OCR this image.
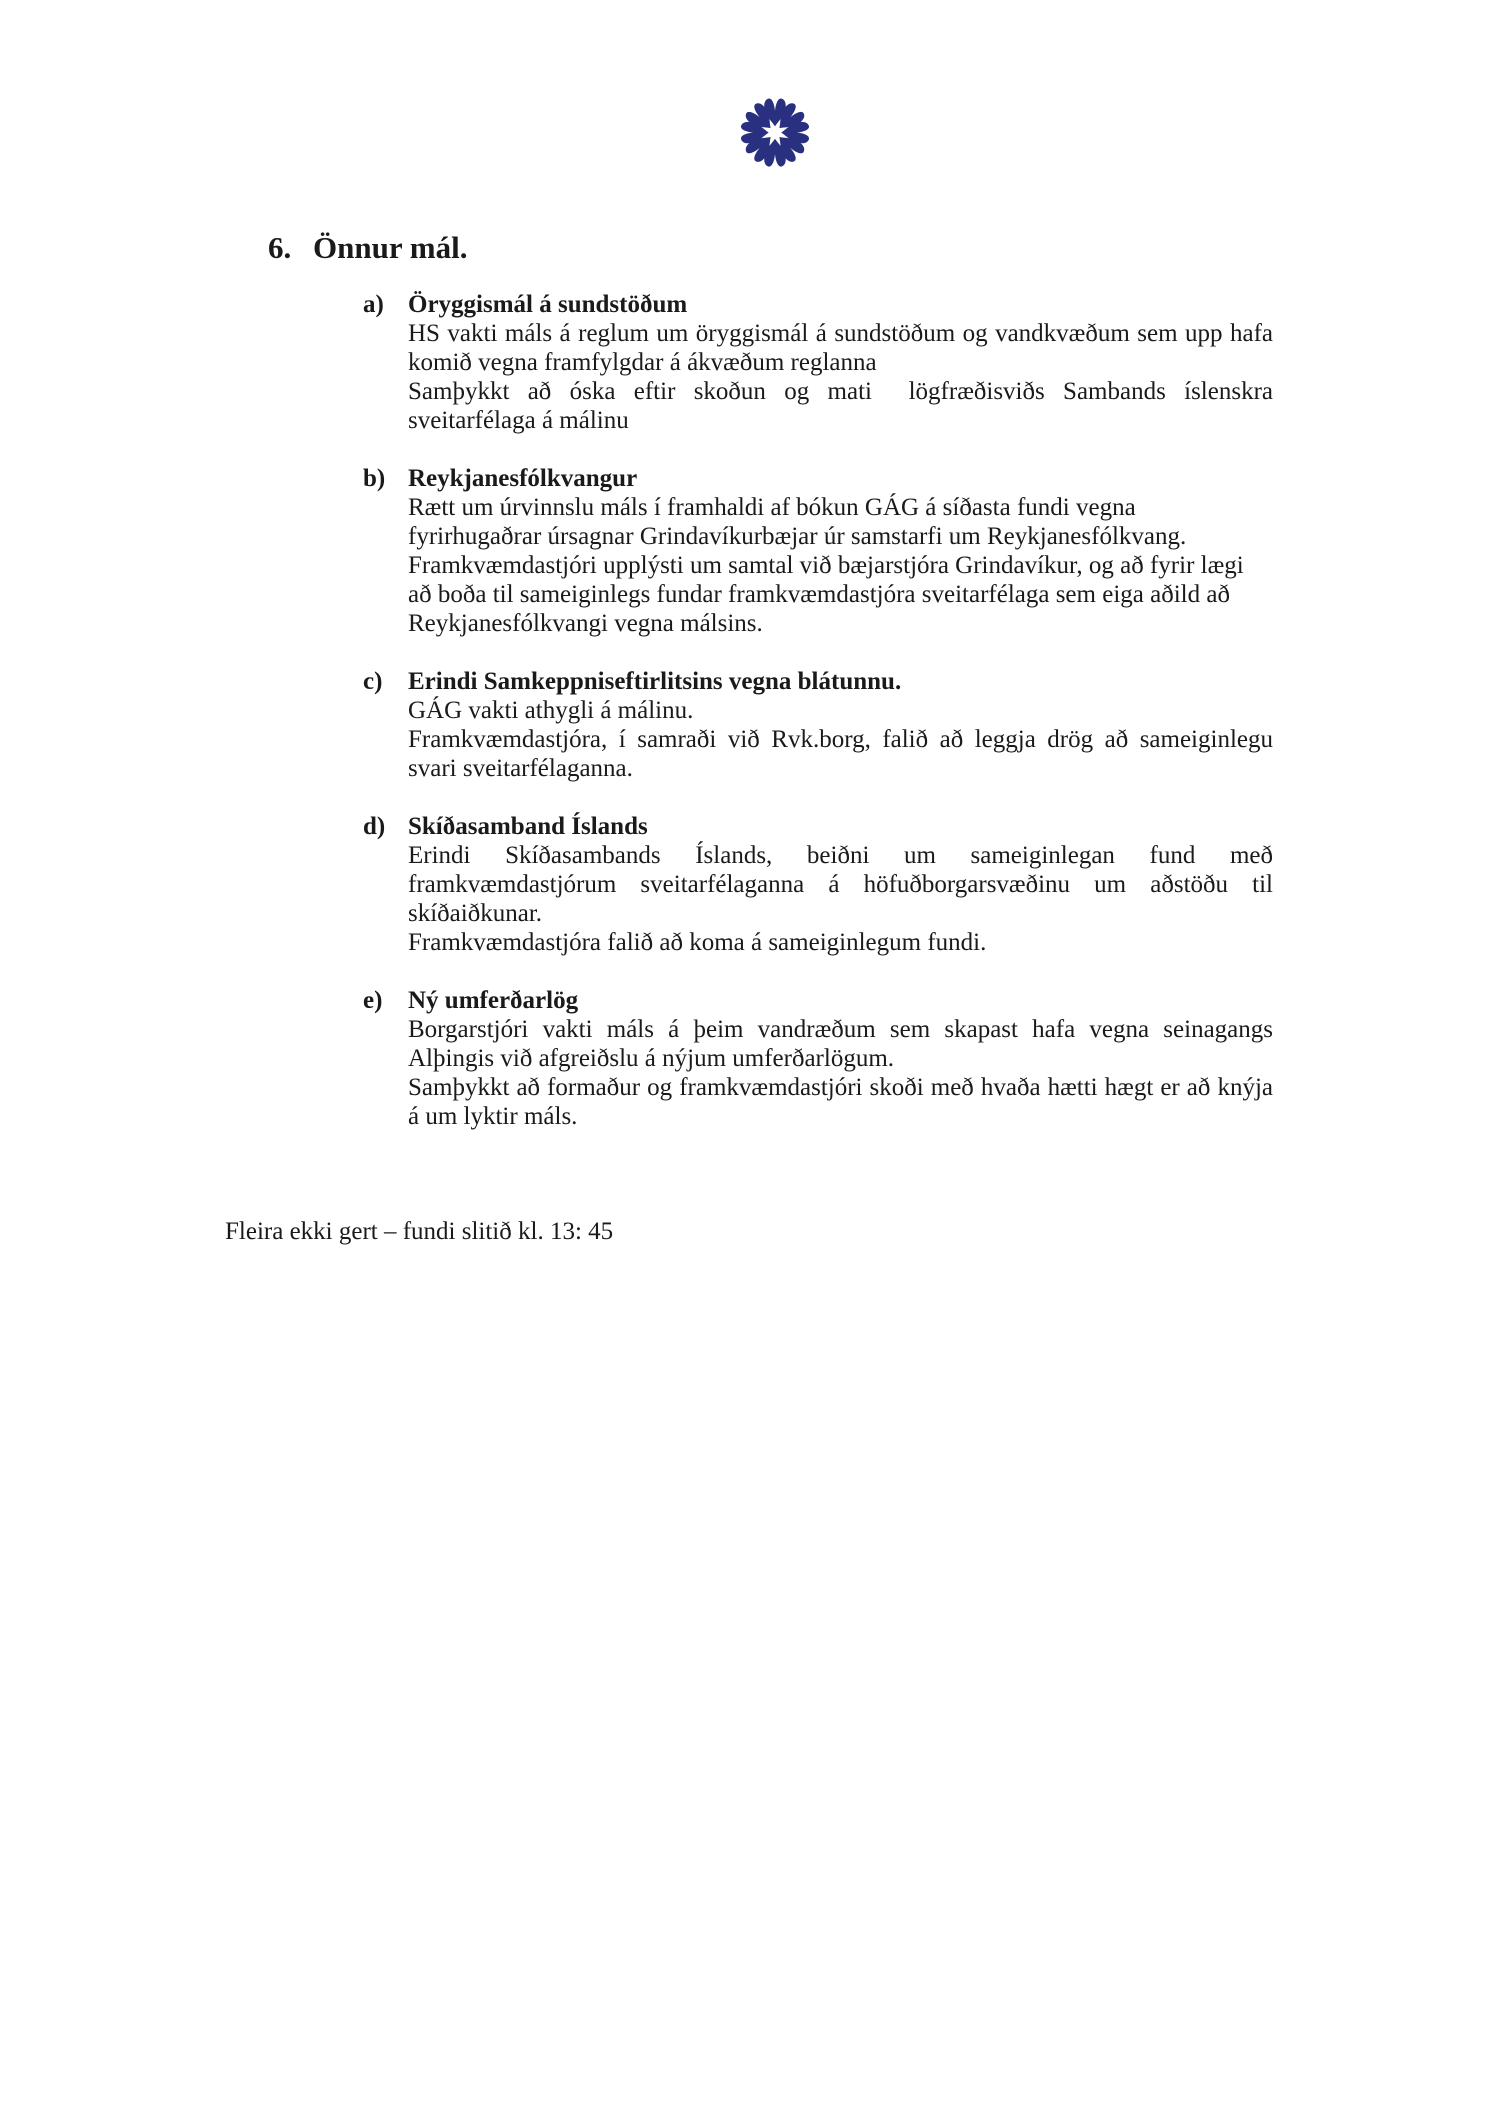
6. Önnur mál.
a) Öryggismál á sundstöðum
HS vakti máls á reglum um öryggismál á sundstöðum og vandkvæðum sem upp hafa
komið vegna framfylgdar á ákvæðum reglanna
Samþykkt að óska eftir skoðun og mati  lögfræðisviðs Sambands íslenskra
sveitarfélaga á málinu
b) Reykjanesfólkvangur
Rætt um úrvinnslu máls í framhaldi af bókun GÁG á síðasta fundi vegna
fyrirhugaðrar úrsagnar Grindavíkurbæjar úr samstarfi um Reykjanesfólkvang.
Framkvæmdastjóri upplýsti um samtal við bæjarstjóra Grindavíkur, og að fyrir lægi
að boða til sameiginlegs fundar framkvæmdastjóra sveitarfélaga sem eiga aðild að
Reykjanesfólkvangi vegna málsins.
c)	Erindi Samkeppniseftirlitsins vegna blátunnu.
GÁG vakti athygli á málinu.
Framkvæmdastjóra, í samraði við Rvk.borg, falið að leggja drög að sameiginlegu
svari sveitarfélaganna.
d) Skíðasamband Íslands
Erindi Skíðasambands Íslands, beiðni um sameiginlegan fund með
framkvæmdastjórum sveitarfélaganna á höfuðborgarsvæðinu um aðstöðu til
skíðaiðkunar.
Framkvæmdastjóra falið að koma á sameiginlegum fundi.
e)	Ný umferðarlög
Borgarstjóri vakti máls á þeim vandræðum sem skapast hafa vegna seinagangs
Alþingis við afgreiðslu á nýjum umferðarlögum.
Samþykkt að formaður og framkvæmdastjóri skoði með hvaða hætti hægt er að knýja
á um lyktir máls.
Fleira ekki gert – fundi slitið kl. 13: 45
